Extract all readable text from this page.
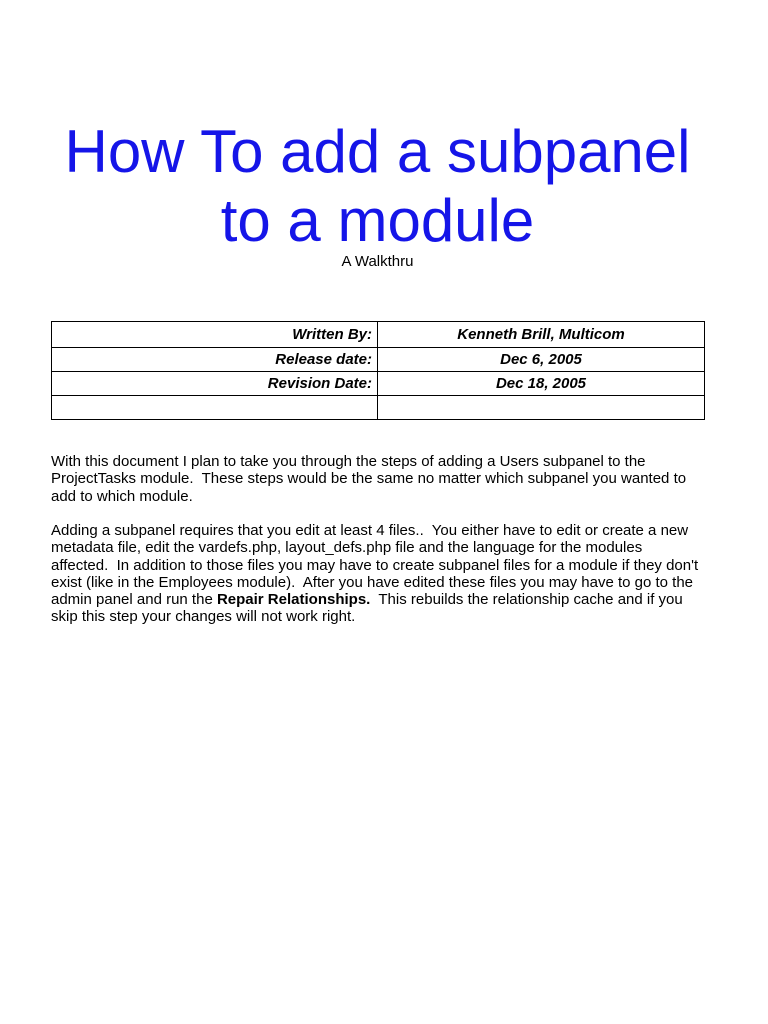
How To add a subpanel
to a module
A Walkthru
Written By:	Kenneth Brill, Multicom
Release date:	Dec 6, 2005
Revision Date:	Dec 18, 2005
With this document I plan to take you through the steps of adding a Users subpanel to the
ProjectTasks module.  These steps would be the same no matter which subpanel you wanted to
add to which module.
Adding a subpanel requires that you edit at least 4 files..  You either have to edit or create a new
metadata file, edit the vardefs.php, layout_defs.php file and the language for the modules
affected.  In addition to those files you may have to create subpanel files for a module if they don't
exist (like in the Employees module).  After you have edited these files you may have to go to the
admin panel and run the Repair Relationships.  This rebuilds the relationship cache and if you
skip this step your changes will not work right.
